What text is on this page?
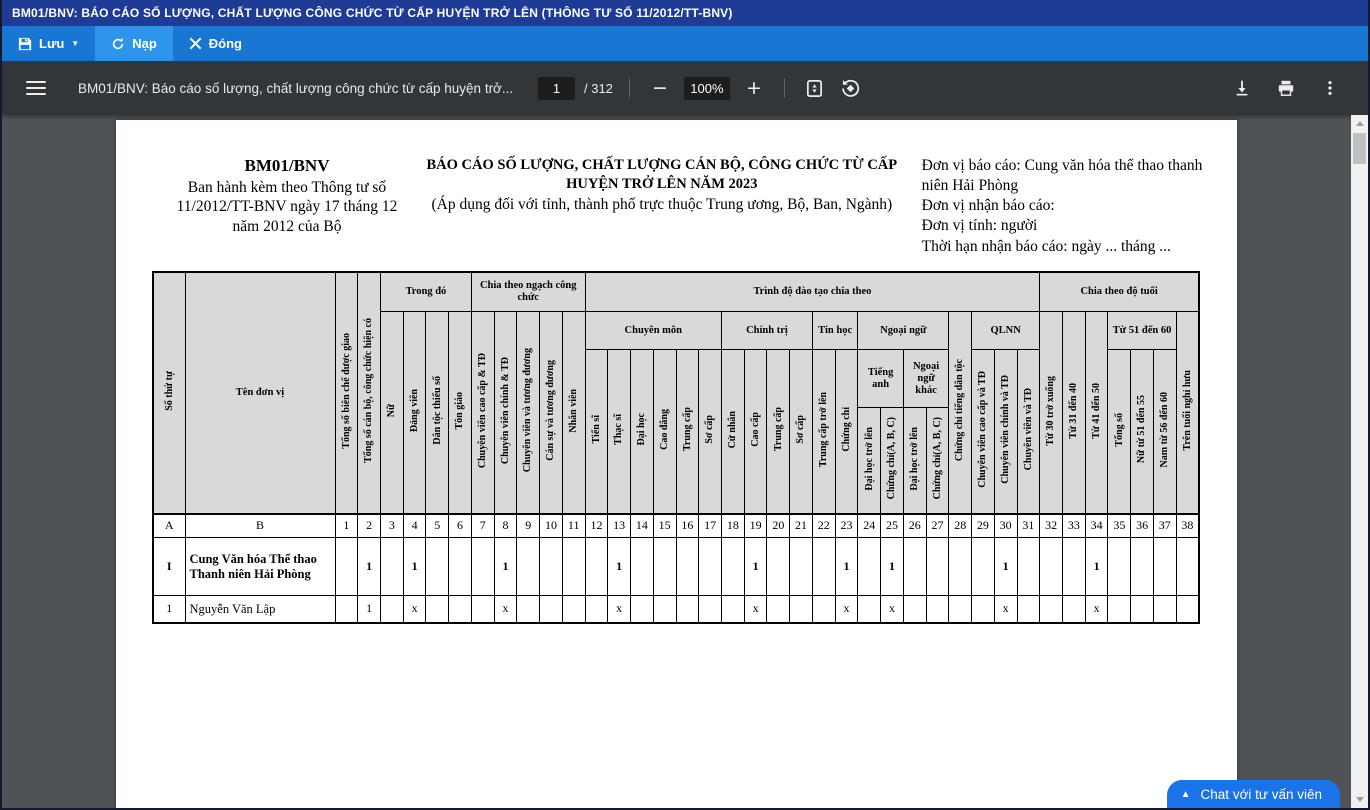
BM01/BNV: BÁO CÁO SỐ LƯỢNG, CHẤT LƯỢNG CÔNG CHỨC TỪ CẤP HUYỆN TRỞ LÊN (THÔNG TƯ SỐ 11/2012/TT-BNV)
Lưu ▼	Nạp	Đóng
BM01/BNV: Báo cáo số lượng, chất lượng công chức từ cấp huyện trở...
1	/ 312 −	100%	+
BM01/BNV
Ban hành kèm theo Thông tư số 11/2012/TT-BNV ngày 17 tháng 12 năm 2012 của Bộ
BÁO CÁO SỐ LƯỢNG, CHẤT LƯỢNG CÁN BỘ, CÔNG CHỨC TỪ CẤP HUYỆN TRỞ LÊN NĂM 2023
(Áp dụng đối với tỉnh, thành phố trực thuộc Trung ương, Bộ, Ban, Ngành)
Đơn vị báo cáo: Cung văn hóa thể thao thanh niên Hải Phòng
Đơn vị nhận báo cáo:
Đơn vị tính: người
Thời hạn nhận báo cáo: ngày ... tháng ...
Số thứ tự	Tên đơn vị	Tổng số biên chế được giao	Tổng số cán bộ, công chức hiện có	Trong đó				Chia theo ngạch công chức					Trình độ đào tạo chia theo																				Chia theo độ tuổi						
				Nữ	Đảng viên	Dân tộc thiểu số	Tôn giáo	Chuyên viên cao cấp & TĐ	Chuyên viên chính & TĐ	Chuyên viên và tương đương	Cán sự và tương đương	Nhân viên	Chuyên môn						Chính trị				Tin học		Ngoại ngữ				Chứng chỉ tiếng dân tộc	QLNN			Từ 30 trở xuống	Từ 31 đến 40	Từ 41 đến 50	Từ 51 đến 60			Trên tuổi nghỉ hưu
													Tiến sĩ	Thạc sĩ	Đại học	Cao đẳng	Trung cấp	Sơ cấp	Cử nhân	Cao cấp	Trung cấp	Sơ cấp	Trung cấp trở lên	Chứng chỉ	Tiếng anh		Ngoại ngữ khác			Chuyên viên cao cấp và TĐ	Chuyên viên chính và TĐ	Chuyên viên và TĐ				Tổng số	Nữ từ 51 đến 55	Nam từ 56 đến 60	
																									Đại học trở lên	Chứng chỉ(A, B, C)	Đại học trở lên	Chứng chỉ(A, B, C)											
A	B	1	2	3	4	5	6	7	8	9	10	11	12	13	14	15	16	17	18	19	20	21	22	23	24	25	26	27	28	29	30	31	32	33	34	35	36	37	38
I	Cung Văn hóa Thể thao Thanh niên Hải Phòng		1		1				1					1						1				1		1					1				1				
1	Nguyễn Văn Lập		1		x				x					x						x				x		x					x				x				
▲ Chat với tư vấn viên
